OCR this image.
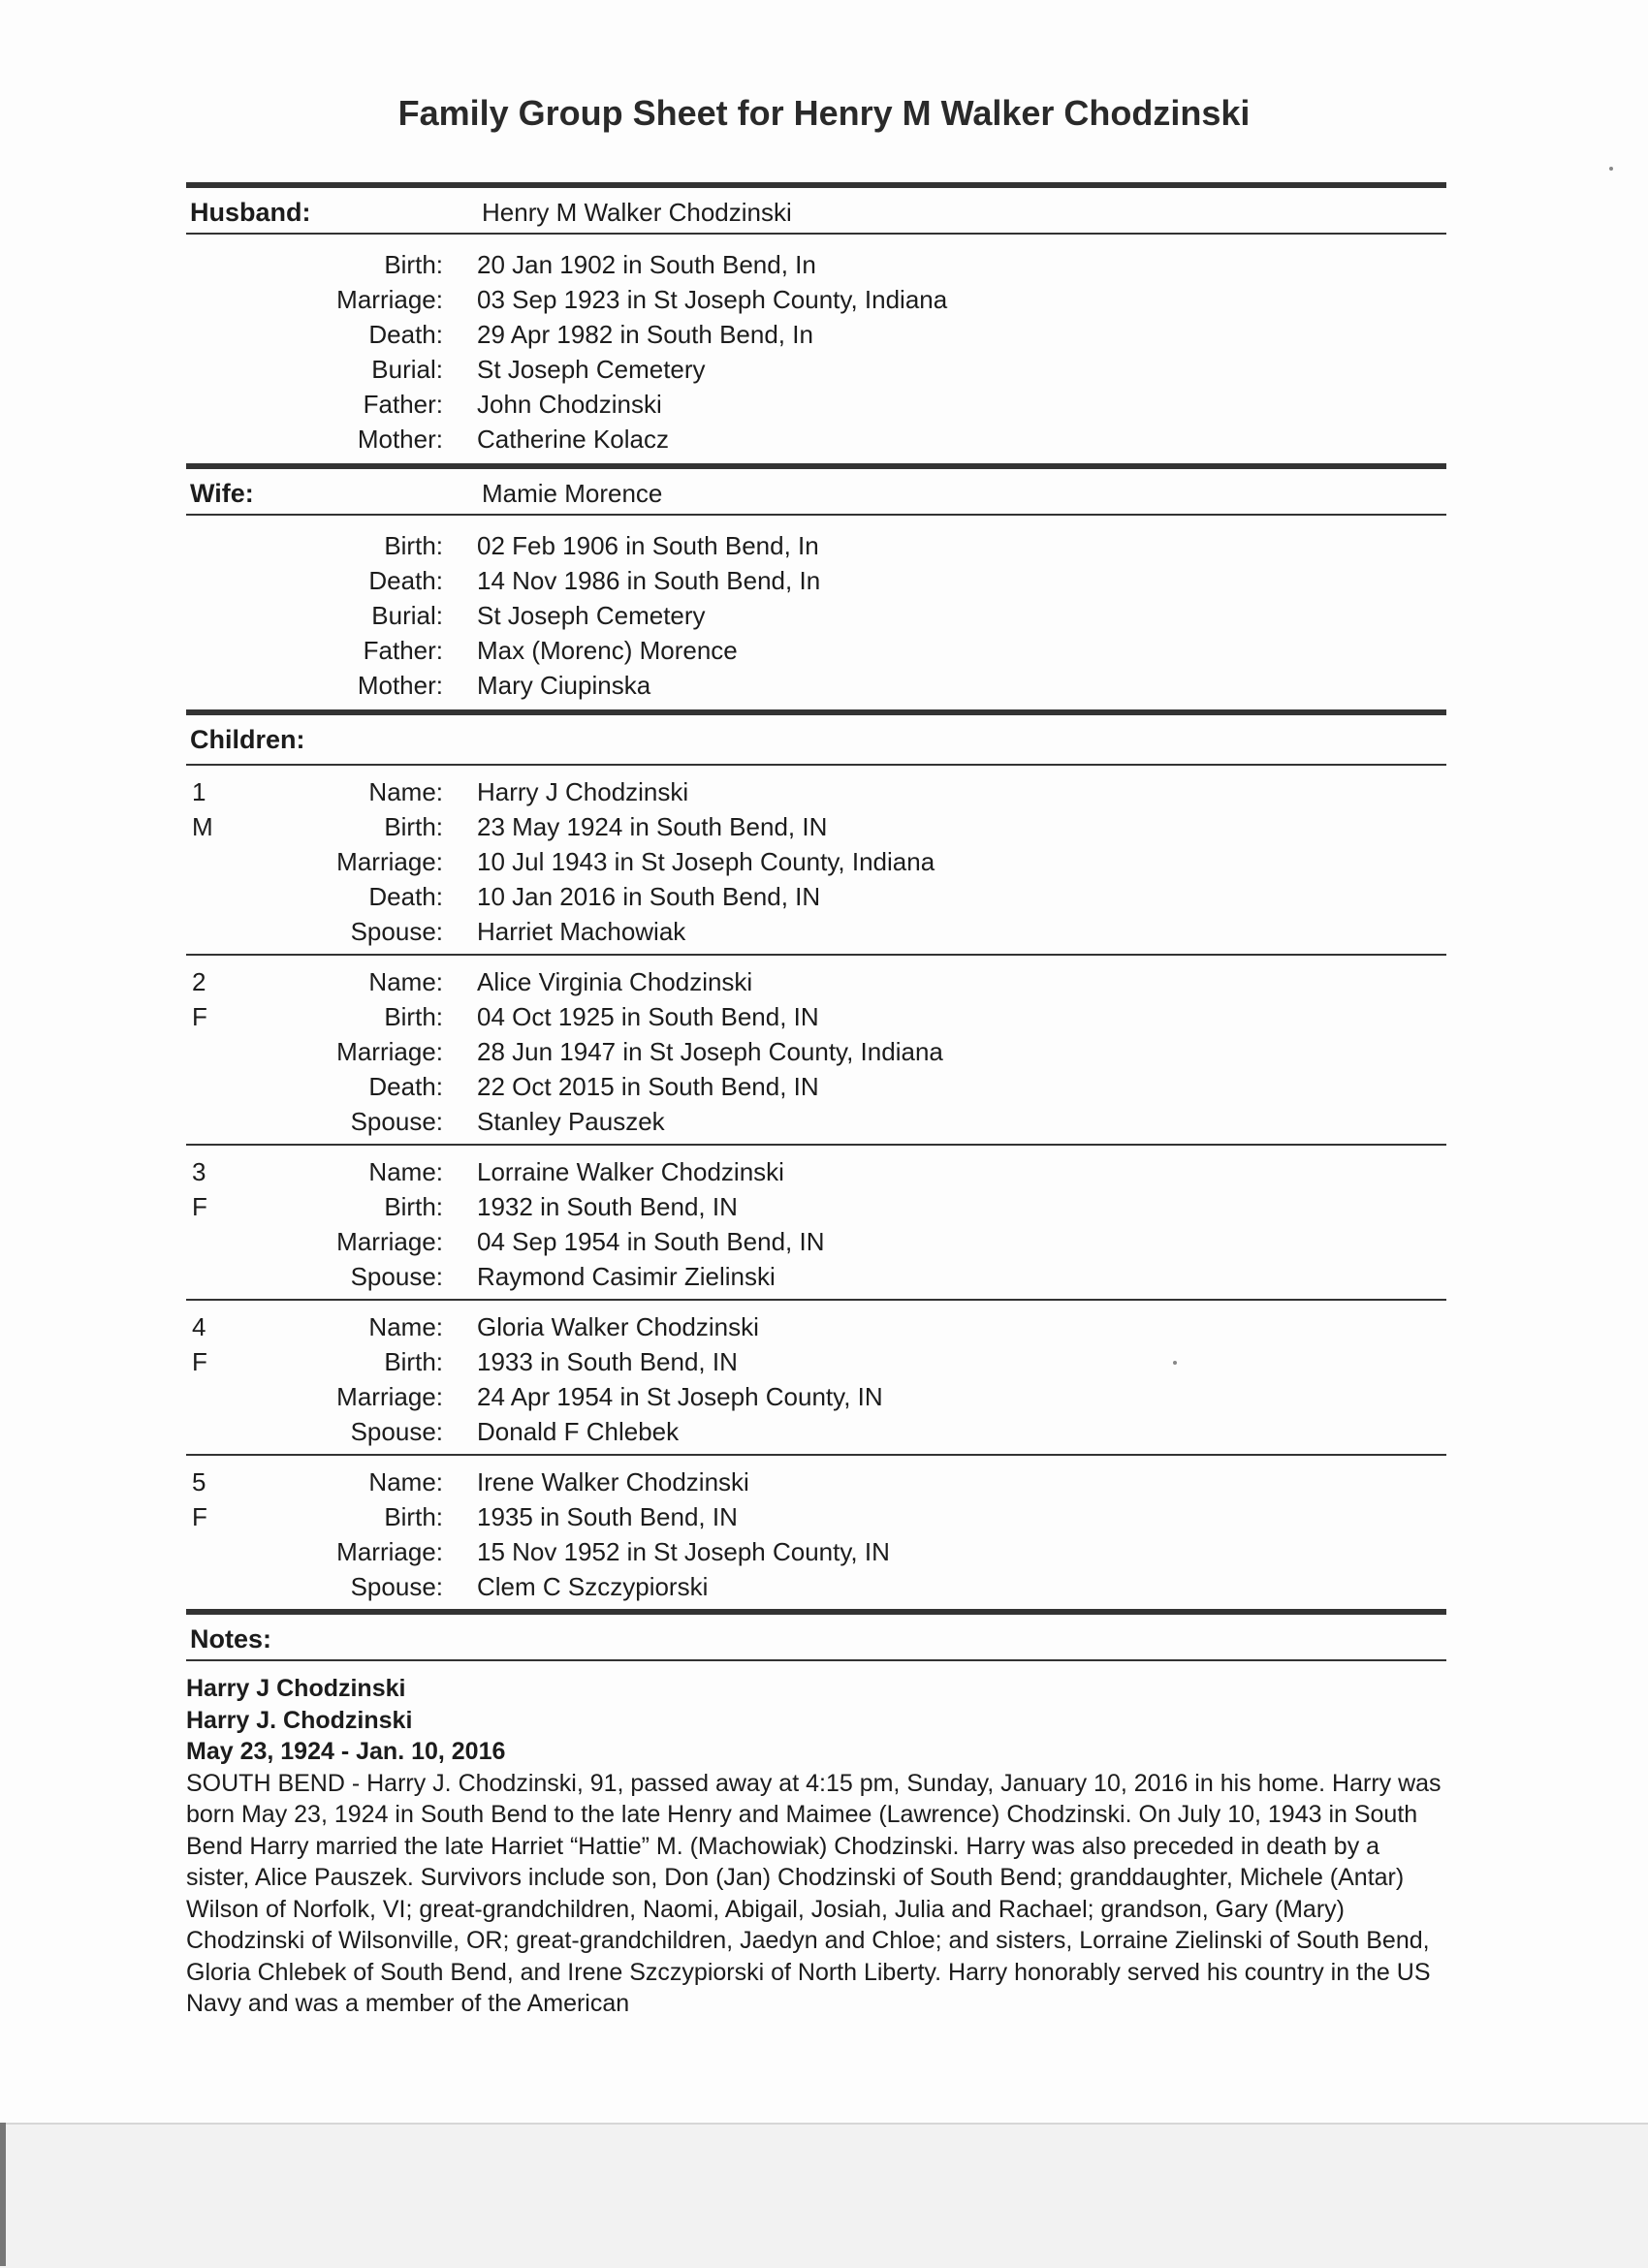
Family Group Sheet for Henry M Walker Chodzinski
Husband:	Henry M Walker Chodzinski
Birth: 20 Jan 1902 in South Bend, In
Marriage: 03 Sep 1923 in St Joseph County, Indiana
Death: 29 Apr 1982 in South Bend, In
Burial: St Joseph Cemetery
Father: John Chodzinski
Mother: Catherine Kolacz
Wife:	Mamie Morence
Birth: 02 Feb 1906 in South Bend, In
Death: 14 Nov 1986 in South Bend, In
Burial: St Joseph Cemetery
Father: Max (Morenc) Morence
Mother: Mary Ciupinska
Children:
1	Name: Harry J Chodzinski
M	Birth: 23 May 1924 in South Bend, IN
Marriage: 10 Jul 1943 in St Joseph County, Indiana
Death: 10 Jan 2016 in South Bend, IN
Spouse: Harriet Machowiak
2	Name: Alice Virginia Chodzinski
F	Birth: 04 Oct 1925 in South Bend, IN
Marriage: 28 Jun 1947 in St Joseph County, Indiana
Death: 22 Oct 2015 in South Bend, IN
Spouse: Stanley Pauszek
3	Name: Lorraine Walker Chodzinski
F	Birth: 1932 in South Bend, IN
Marriage: 04 Sep 1954 in South Bend, IN
Spouse: Raymond Casimir Zielinski
4	Name: Gloria Walker Chodzinski
F	Birth: 1933 in South Bend, IN
Marriage: 24 Apr 1954 in St Joseph County, IN
Spouse: Donald F Chlebek
5	Name: Irene Walker Chodzinski
F	Birth: 1935 in South Bend, IN
Marriage: 15 Nov 1952 in St Joseph County, IN
Spouse: Clem C Szczypiorski
Notes:
Harry J Chodzinski
Harry J. Chodzinski
May 23, 1924 - Jan. 10, 2016
SOUTH BEND - Harry J. Chodzinski, 91, passed away at 4:15 pm, Sunday, January 10, 2016 in his home. Harry was born May 23, 1924 in South Bend to the late Henry and Maimee (Lawrence) Chodzinski. On July 10, 1943 in South Bend Harry married the late Harriet “Hattie” M. (Machowiak) Chodzinski. Harry was also preceded in death by a sister, Alice Pauszek. Survivors include son, Don (Jan) Chodzinski of South Bend; granddaughter, Michele (Antar) Wilson of Norfolk, VI; great-grandchildren, Naomi, Abigail, Josiah, Julia and Rachael; grandson, Gary (Mary) Chodzinski of Wilsonville, OR; great-grandchildren, Jaedyn and Chloe; and sisters, Lorraine Zielinski of South Bend, Gloria Chlebek of South Bend, and Irene Szczypiorski of North Liberty. Harry honorably served his country in the US Navy and was a member of the American
